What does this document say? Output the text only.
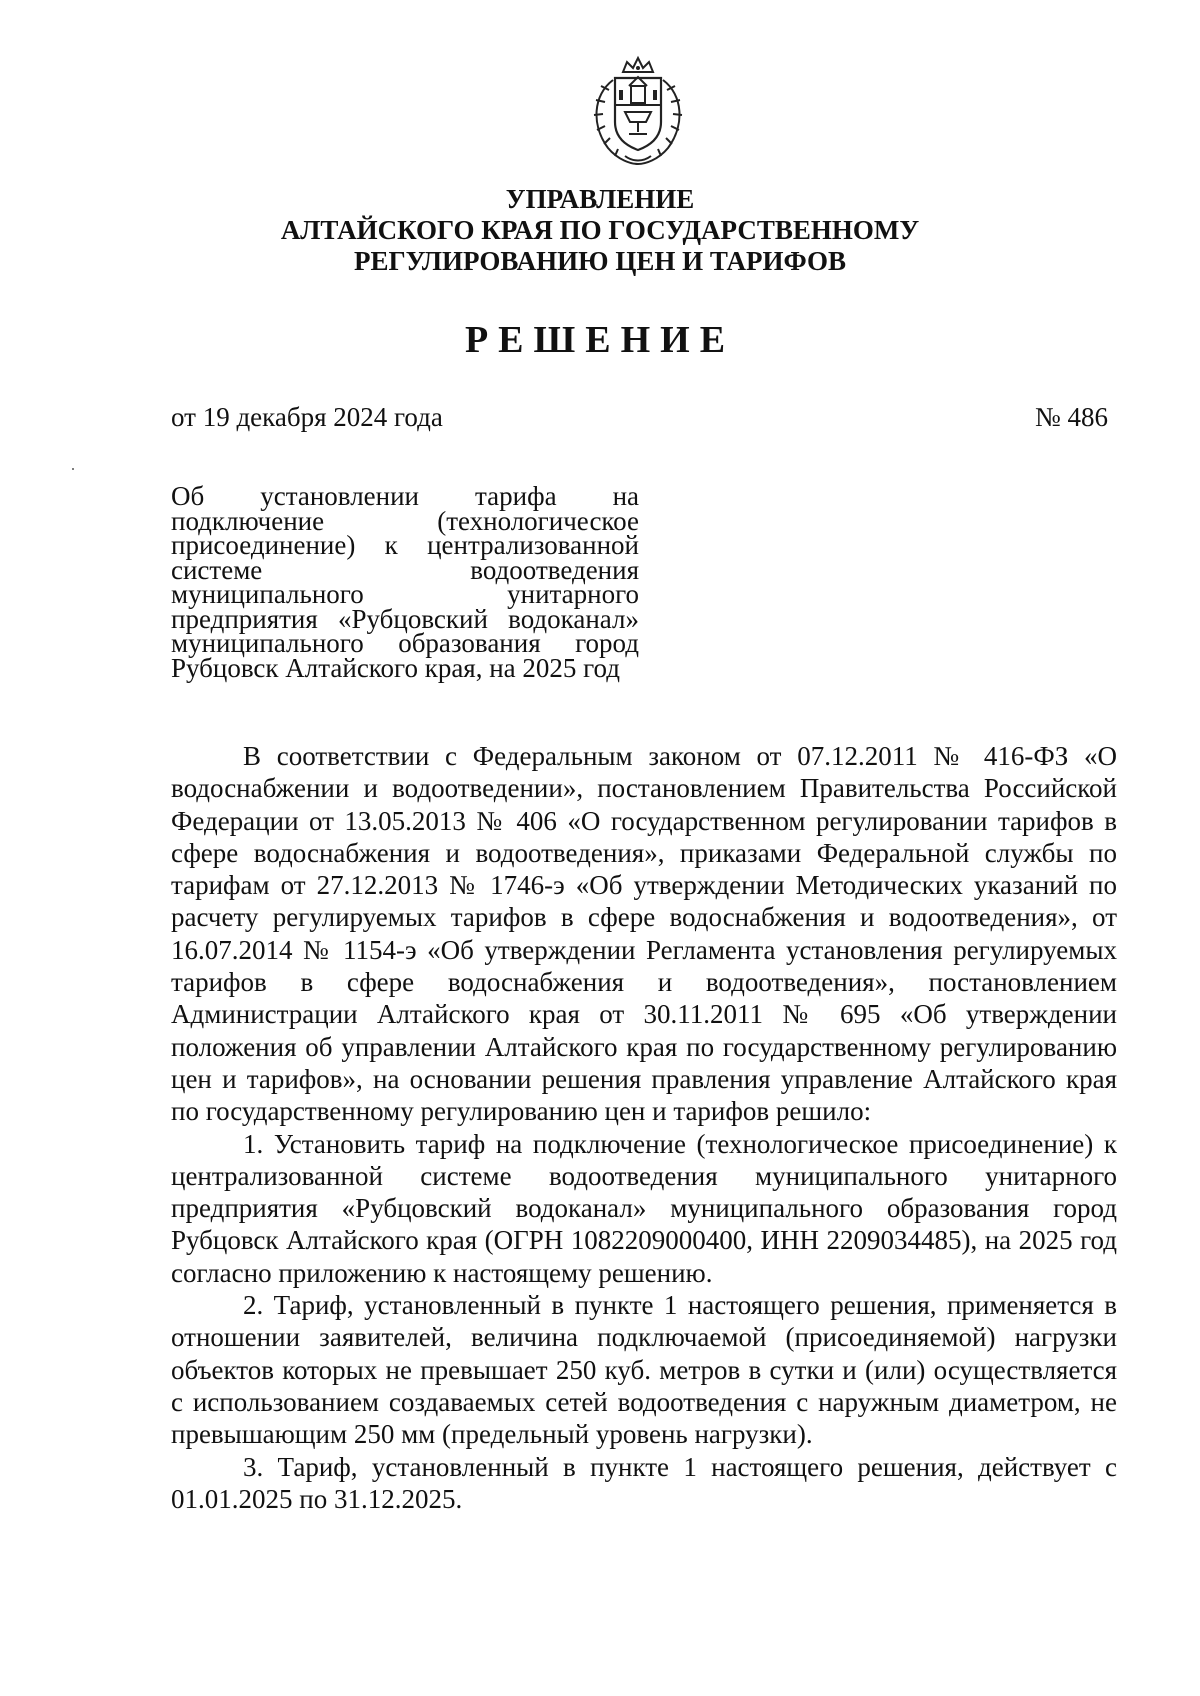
УПРАВЛЕНИЕ
АЛТАЙСКОГО КРАЯ ПО ГОСУДАРСТВЕННОМУ
РЕГУЛИРОВАНИЮ ЦЕН И ТАРИФОВ
РЕШЕНИЕ
от 19 декабря 2024 года	№ 486
Об установлении тарифа на
подключение (технологическое
присоединение) к централизованной
системе водоотведения
муниципального унитарного
предприятия «Рубцовский водоканал»
муниципального образования город
Рубцовск Алтайского края, на 2025 год

В соответствии с Федеральным законом от 07.12.2011 № 416-ФЗ «О водоснабжении и водоотведении», постановлением Правительства Российской Федерации от 13.05.2013 № 406 «О государственном регулировании тарифов в сфере водоснабжения и водоотведения», приказами Федеральной службы по тарифам от 27.12.2013 № 1746-э «Об утверждении Методических указаний по расчету регулируемых тарифов в сфере водоснабжения и водоотведения», от 16.07.2014 № 1154-э «Об утверждении Регламента установления регулируемых тарифов в сфере водоснабжения и водоотведения», постановлением Администрации Алтайского края от 30.11.2011 № 695 «Об утверждении положения об управлении Алтайского края по государственному регулированию цен и тарифов», на основании решения правления управление Алтайского края по государственному регулированию цен и тарифов решило:

1. Установить тариф на подключение (технологическое присоединение) к централизованной системе водоотведения муниципального унитарного предприятия «Рубцовский водоканал» муниципального образования город Рубцовск Алтайского края (ОГРН 1082209000400, ИНН 2209034485), на 2025 год согласно приложению к настоящему решению.

2. Тариф, установленный в пункте 1 настоящего решения, применяется в отношении заявителей, величина подключаемой (присоединяемой) нагрузки объектов которых не превышает 250 куб. метров в сутки и (или) осуществляется с использованием создаваемых сетей водоотведения с наружным диаметром, не превышающим 250 мм (предельный уровень нагрузки).

3. Тариф, установленный в пункте 1 настоящего решения, действует с 01.01.2025 по 31.12.2025.
